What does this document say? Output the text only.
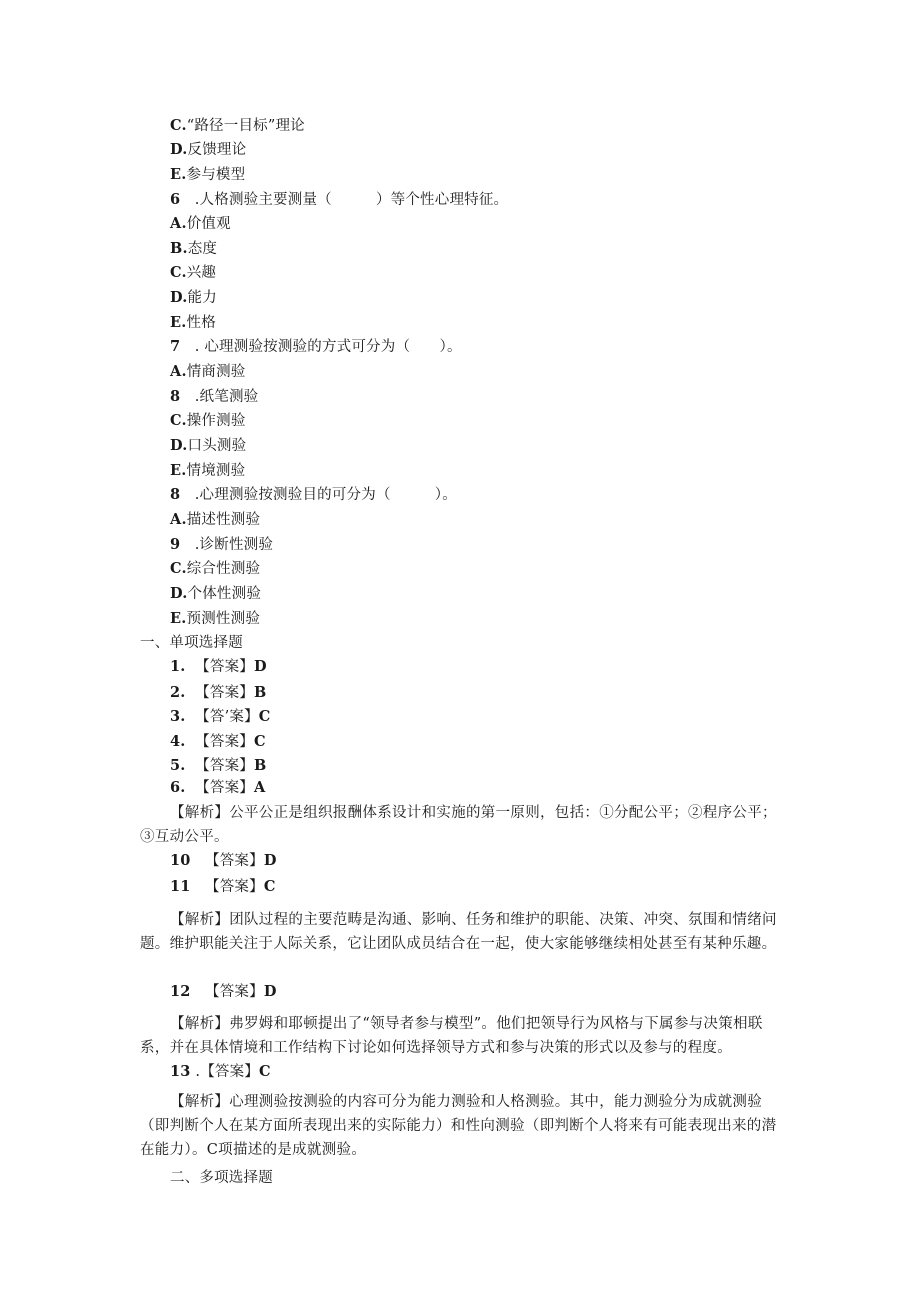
C.“路径一目标”理论
D.反馈理论
E.参与模型
6 .人格测验主要测量（　　　）等个性心理特征。
A.价值观
B.态度
C.兴趣
D.能力
E.性格
7 . 心理测验按测验的方式可分为（　　）。
A.情商测验
8 .纸笔测验
C.操作测验
D.口头测验
E.情境测验
8 .心理测验按测验目的可分为（　　　）。
A.描述性测验
9 .诊断性测验
C.综合性测验
D.个体性测验
E.预测性测验
一、单项选择题
1. 【答案】D
2. 【答案】B
3. 【答’案】C
4. 【答案】C
5. 【答案】B
6. 【答案】A
【解析】公平公正是组织报酬体系设计和实施的第一原则，包括：①分配公平；②程序公平；③互动公平。
10 【答案】D
11 【答案】C
【解析】团队过程的主要范畴是沟通、影响、任务和维护的职能、决策、冲突、氛围和情绪问题。维护职能关注于人际关系，它让团队成员结合在一起，使大家能够继续相处甚至有某种乐趣。
12 【答案】D
【解析】弗罗姆和耶顿提出了“领导者参与模型”。他们把领导行为风格与下属参与决策相联系，并在具体情境和工作结构下讨论如何选择领导方式和参与决策的形式以及参与的程度。
13 .【答案】C
【解析】心理测验按测验的内容可分为能力测验和人格测验。其中，能力测验分为成就测验（即判断个人在某方面所表现出来的实际能力）和性向测验（即判断个人将来有可能表现出来的潜在能力）。C项描述的是成就测验。
二、多项选择题
